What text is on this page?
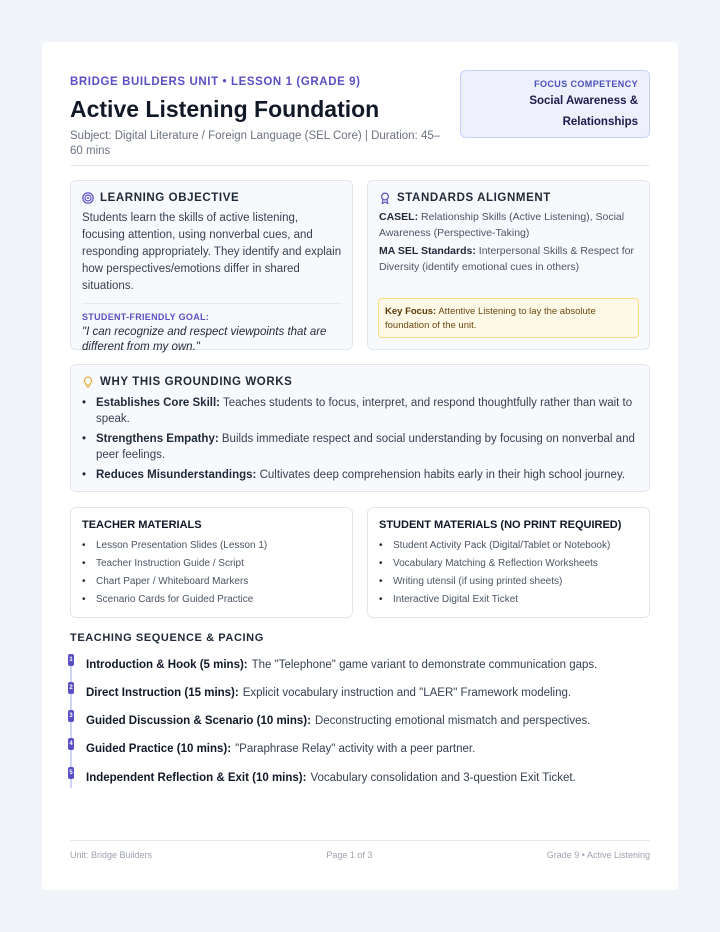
BRIDGE BUILDERS UNIT • LESSON 1 (GRADE 9)
Active Listening Foundation
Subject: Digital Literature / Foreign Language (SEL Core) | Duration: 45–60 mins
FOCUS COMPETENCY
Social Awareness &
Relationships
LEARNING OBJECTIVE
Students learn the skills of active listening, focusing attention, using nonverbal cues, and responding appropriately. They identify and explain how perspectives/emotions differ in shared situations.
STUDENT-FRIENDLY GOAL:
"I can recognize and respect viewpoints that are different from my own."
STANDARDS ALIGNMENT
CASEL: Relationship Skills (Active Listening), Social Awareness (Perspective-Taking)
MA SEL Standards: Interpersonal Skills & Respect for Diversity (identify emotional cues in others)
Key Focus: Attentive Listening to lay the absolute foundation of the unit.
WHY THIS GROUNDING WORKS
• Establishes Core Skill: Teaches students to focus, interpret, and respond thoughtfully rather than wait to speak.
• Strengthens Empathy: Builds immediate respect and social understanding by focusing on nonverbal and peer feelings.
• Reduces Misunderstandings: Cultivates deep comprehension habits early in their high school journey.
TEACHER MATERIALS
• Lesson Presentation Slides (Lesson 1)
• Teacher Instruction Guide / Script
• Chart Paper / Whiteboard Markers
• Scenario Cards for Guided Practice
STUDENT MATERIALS (NO PRINT REQUIRED)
• Student Activity Pack (Digital/Tablet or Notebook)
• Vocabulary Matching & Reflection Worksheets
• Writing utensil (if using printed sheets)
• Interactive Digital Exit Ticket
TEACHING SEQUENCE & PACING
1 Introduction & Hook (5 mins): The "Telephone" game variant to demonstrate communication gaps.
2 Direct Instruction (15 mins): Explicit vocabulary instruction and "LAER" Framework modeling.
3 Guided Discussion & Scenario (10 mins): Deconstructing emotional mismatch and perspectives.
4 Guided Practice (10 mins): "Paraphrase Relay" activity with a peer partner.
5 Independent Reflection & Exit (10 mins): Vocabulary consolidation and 3-question Exit Ticket.
Unit: Bridge Builders	Page 1 of 3	Grade 9 • Active Listening
